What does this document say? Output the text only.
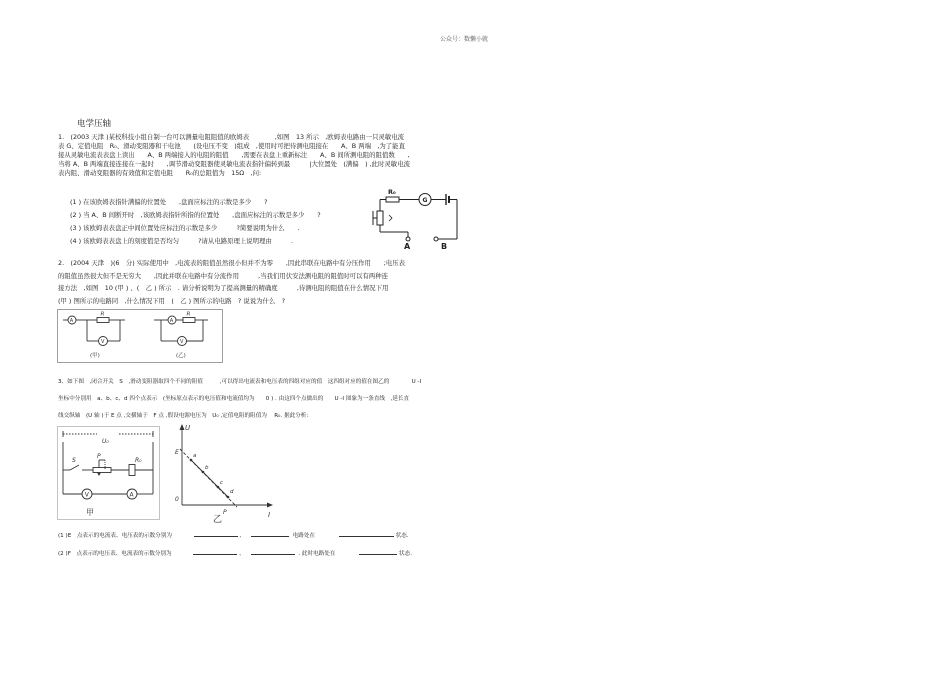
公众号：数懒小就
电学压轴
1.　(2003 天津 )某校科技小组自制一台可以测量电阻阻值的欧姆表　　　　,如图　13 所示　,欧姆表电路由一只灵敏电流
表 G、定值电阻　R₀、滑动变阻器和干电池　　(设电压不变　)组成　,使用时可把待测电阻接在　　A、B 两端　,为了能直
接从灵敏电流表表盘上读出　　A、B 两端接入的电阻的阻值　　,需要在表盘上重新标注　　A、B 间所测电阻的阻值数　　,
当将 A、B 两端直接连接在一起时　　,调节滑动变阻器使灵敏电流表指针偏转到最　　　|大位置处　(满偏　) ,此时灵敏电流
表内阻、滑动变阻器的有效值和定值电阻　　R₀的总阻值为　15Ω　,问:
(1 ) 在该欧姆表指针满偏的位置处　　,盘面应标注的示数是多少　　?
(2 ) 当 A、B 间断开时　,该欧姆表指针所指的位置处　　,盘面应标注的示数是多少　　?
(3 ) 该欧姆表表盘正中间位置处应标注的示数是多少　　　?简要说明为什么　　.
(4 ) 该欧姆表表盘上的刻度值是否均匀　　　?请从电路原理上说明理由　　　.
R₀
G
A	B
2.　(2004 天津　)(6　分) 实际使用中　,电流表的阻值虽然很小但并不为零　　,因此串联在电路中有分压作用　　;电压表
的阻值虽然很大但不是无穷大　　,因此并联在电路中有分流作用　　　,当我们用伏安法测电阻的阻值时可以有两种连
接方法　,如图　10 (甲 ) 、(　乙 ) 所示　. 请分析说明为了提高测量的精确度　　　,待测电阻的阻值在什么情况下用
(甲 ) 图所示的电路同　,什么情况下用　(　乙 ) 图所示的电路　? 说说为什么　?
A
R
V
(甲)
A
R
V
(乙)
3、如下图　,闭合开关　S　,滑动变阻器取四个不同的阻值　　　,可以得出电流表和电压表的四组对应的值　这四组对应的值在图乙的　　　　U -I
坐标中分别用　a、b、c、d 四个点表示　(坐标原点表示的电压值和电流值均为　　0 ) . 由这四个点做出的　　U -I 图象为一条直线　,延长直
线交纵轴　(U 轴 )于 E 点 ,交横轴于　F 点 ,假设电源电压为　U₀ ,定值电阻的阻值为　 R₀. 据此分析:
U₀
S
P
R₀
V	A
甲
U
I
0
E	a
b
c
d
P
乙
(1 )E　点表示的电流表、电压表的示数分别为	、	电路处在	状态.
(2 )F　点表示的电压表、电流表的示数分别为	、	. 此时电路处在	状态.
